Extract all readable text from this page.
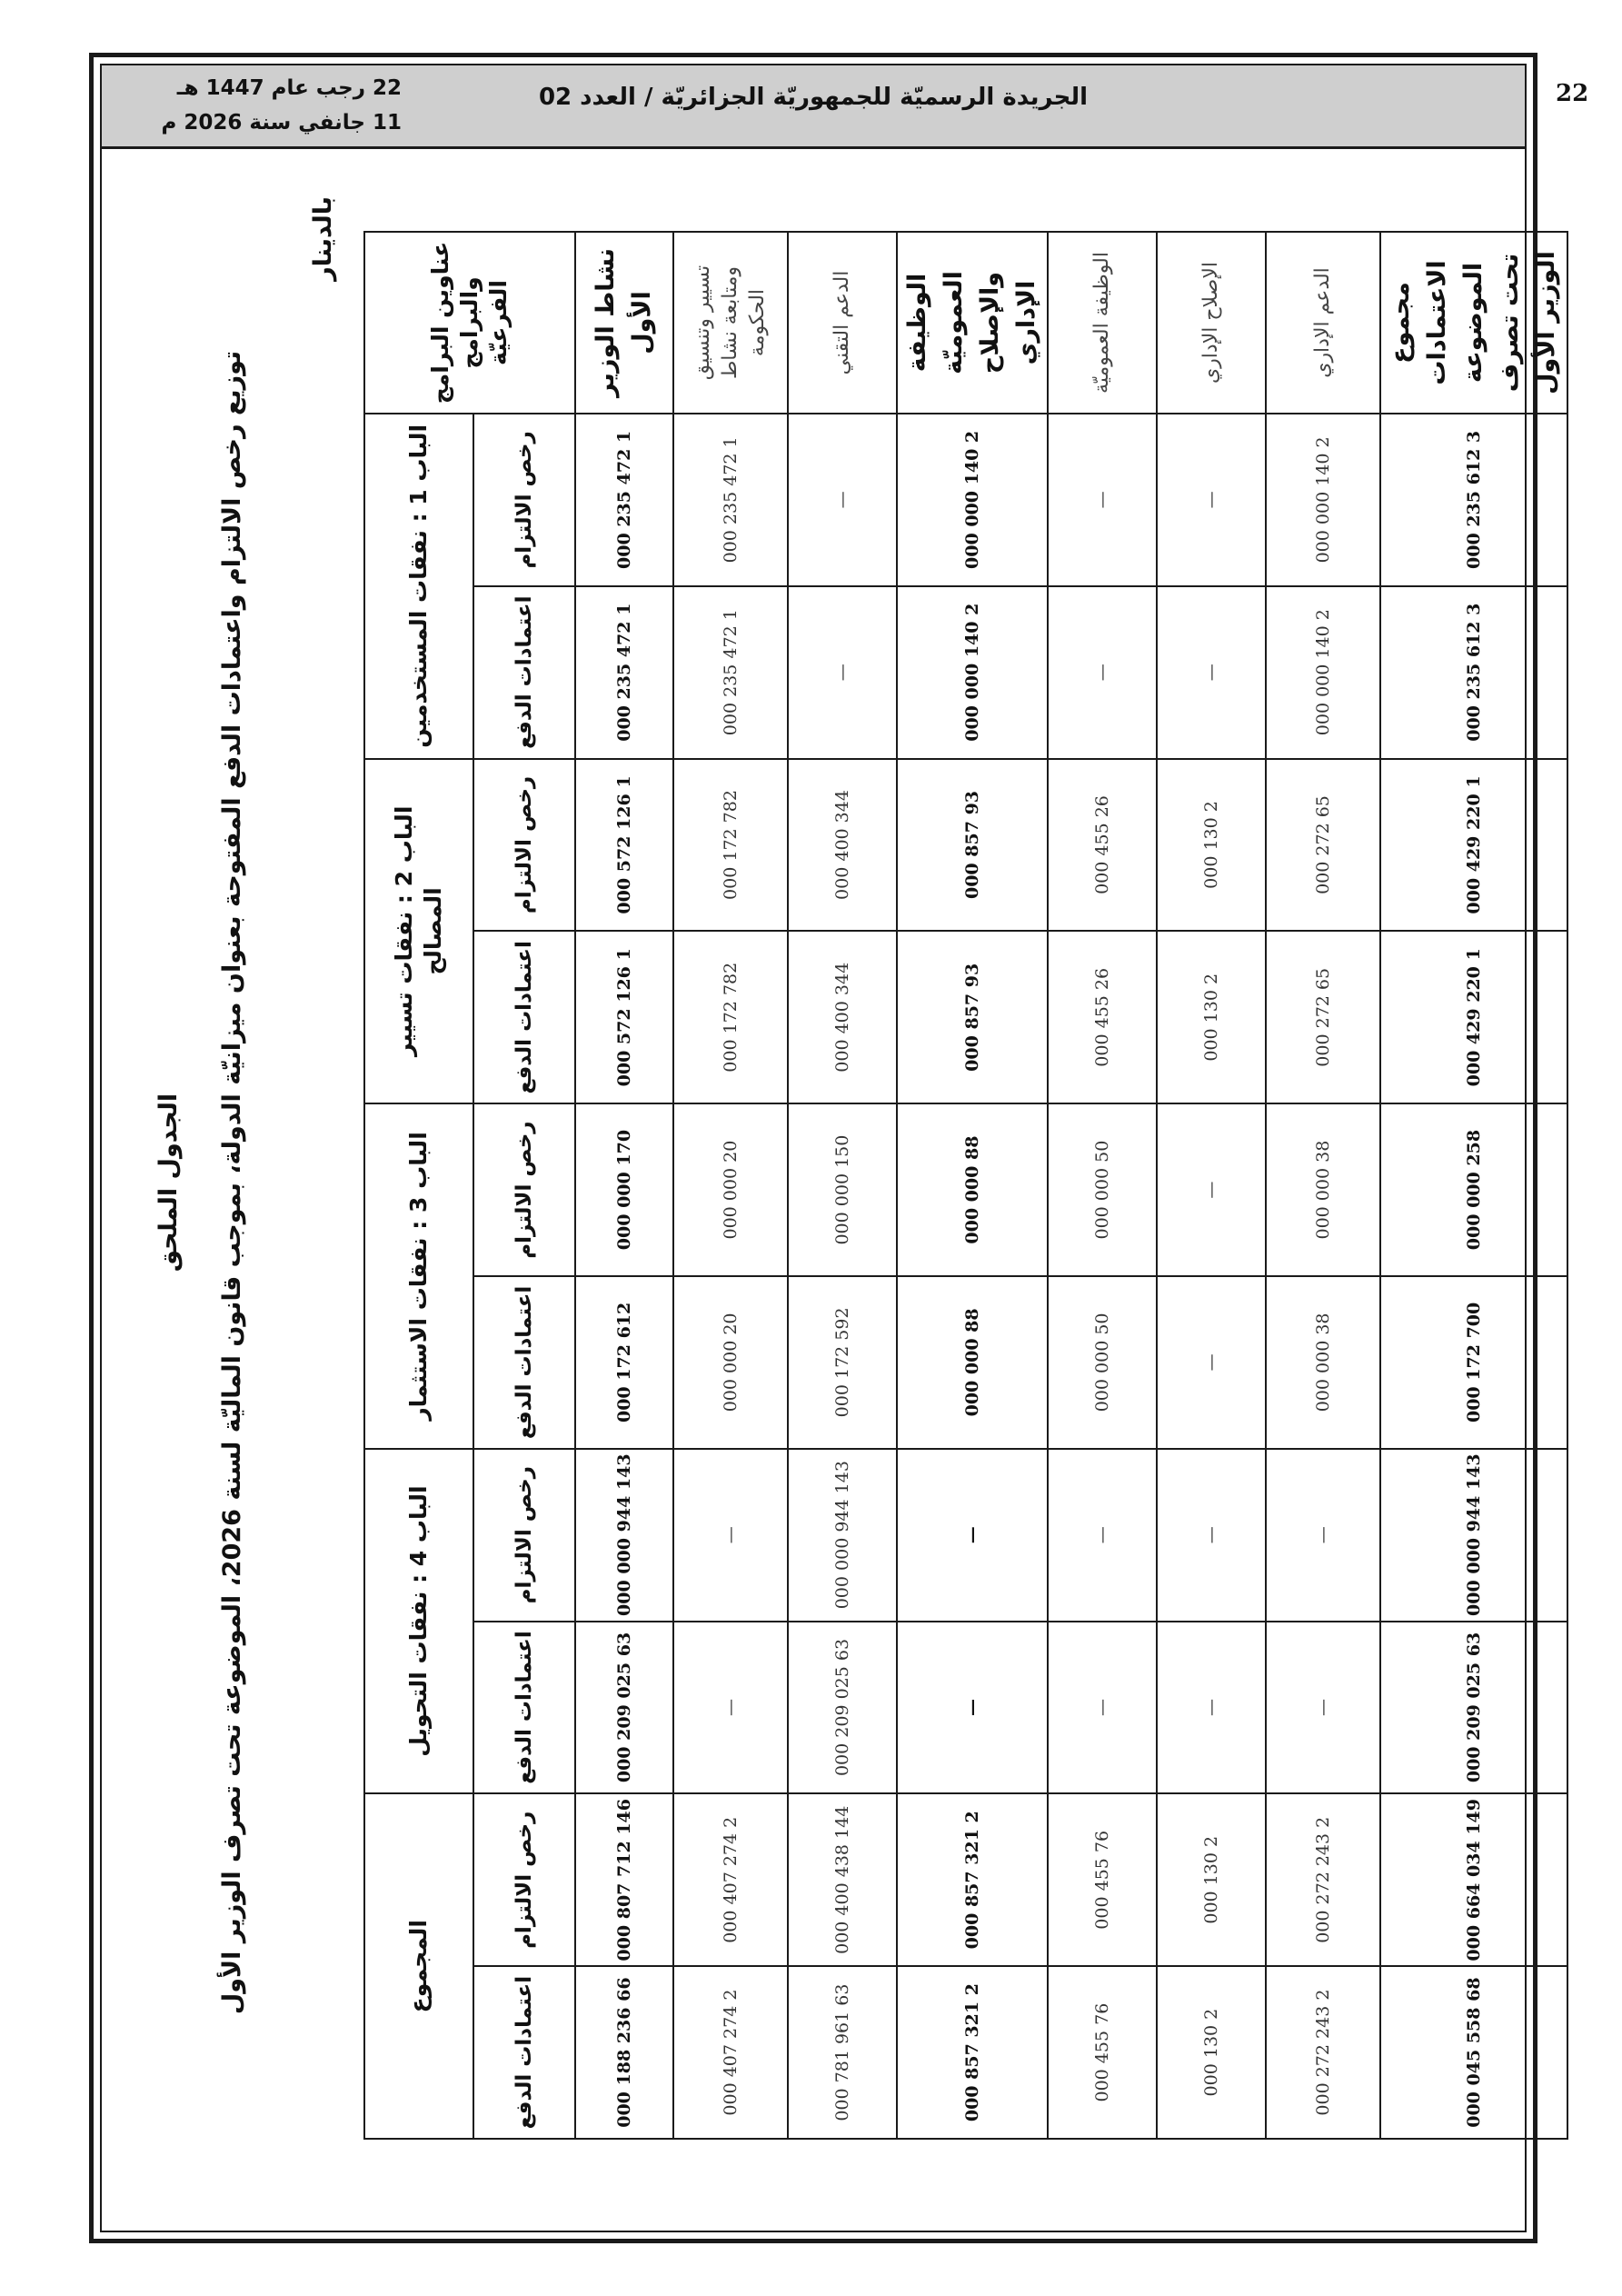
22
الجريدة الرسميّة للجمهوريّة الجزائريّة / العدد 02
22 رجب عام 1447 هـ
11 جانفي سنة 2026 م
الجدول الملحق
توزيع رخص الالتزام واعتمادات الدفع المفتوحة بعنوان ميزانيّة الدولة، بموجب قانون الماليّة لسنة 2026، الموضوعة تحت تصرف الوزير الأول
بالدينار
عناوين البرامج والبرامج الفرعيّة	الباب 1 : نفقات المستخدمين		الباب 2 : نفقات تسيير المصالح		الباب 3 : نفقات الاستثمار		الباب 4 : نفقات التحويل		المجموع	
	رخص الالتزام	اعتمادات الدفع	رخص الالتزام	اعتمادات الدفع	رخص الالتزام	اعتمادات الدفع	رخص الالتزام	اعتمادات الدفع	رخص الالتزام	اعتمادات الدفع
نشاط الوزير الأول	1 472 235 000	1 472 235 000	1 126 572 000	1 126 572 000	170 000 000	612 172 000	143 944 000 000	63 025 209 000	146 712 807 000	66 236 188 000
تسيير وتنسيق ومتابعة نشاط الحكومة	1 472 235 000	1 472 235 000	782 172 000	782 172 000	20 000 000	20 000 000	—	—	2 274 407 000	2 274 407 000
الدعم التقني	—	—	344 400 000	344 400 000	150 000 000	592 172 000	143 944 000 000	63 025 209 000	144 438 400 000	63 961 781 000
الوظيفة العموميّة والإصلاح الإداري	2 140 000 000	2 140 000 000	93 857 000	93 857 000	88 000 000	88 000 000	—	—	2 321 857 000	2 321 857 000
الوظيفة العموميّة	—	—	26 455 000	26 455 000	50 000 000	50 000 000	—	—	76 455 000	76 455 000
الإصلاح الإداري	—	—	2 130 000	2 130 000	—	—	—	—	2 130 000	2 130 000
الدعم الإداري	2 140 000 000	2 140 000 000	65 272 000	65 272 000	38 000 000	38 000 000	—	—	2 243 272 000	2 243 272 000
مجموع الاعتمادات الموضوعة تحت تصرف الوزير الأول	3 612 235 000	3 612 235 000	1 220 429 000	1 220 429 000	258 000 000	700 172 000	143 944 000 000	63 025 209 000	149 034 664 000	68 558 045 000
